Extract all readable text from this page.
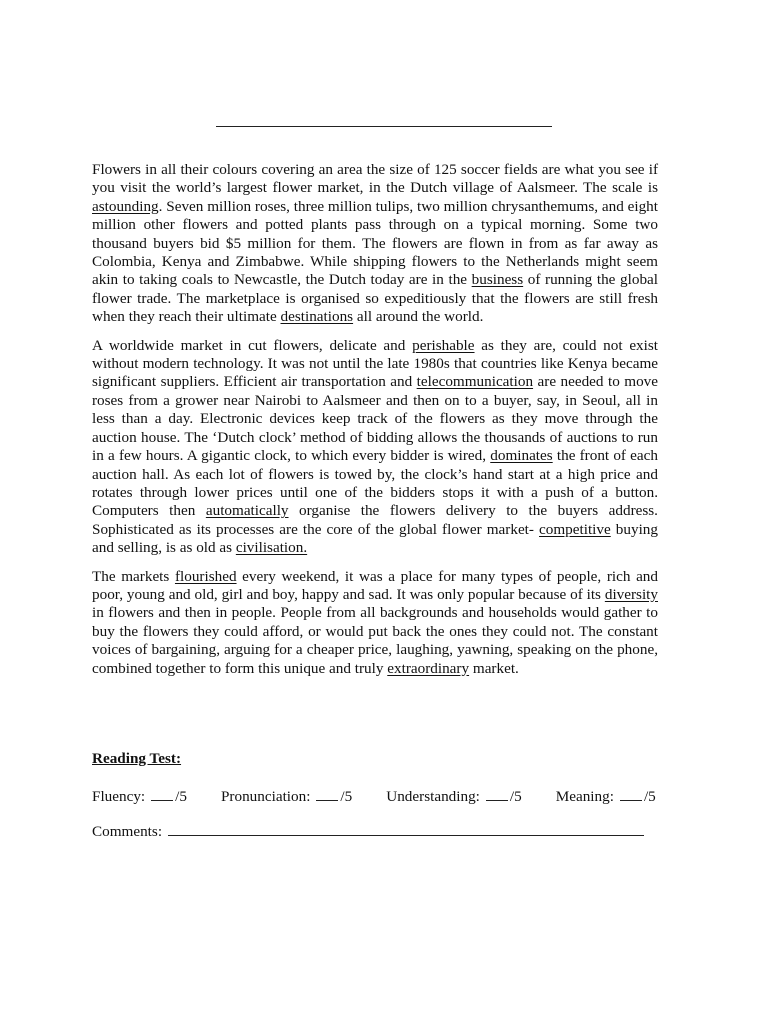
Flowers in all their colours covering an area the size of 125 soccer fields are what you see if you visit the world’s largest flower market, in the Dutch village of Aalsmeer. The scale is astounding. Seven million roses, three million tulips, two million chrysanthemums, and eight million other flowers and potted plants pass through on a typical morning. Some two thousand buyers bid $5 million for them. The flowers are flown in from as far away as Colombia, Kenya and Zimbabwe. While shipping flowers to the Netherlands might seem akin to taking coals to Newcastle, the Dutch today are in the business of running the global flower trade. The marketplace is organised so expeditiously that the flowers are still fresh when they reach their ultimate destinations all around the world.

A worldwide market in cut flowers, delicate and perishable as they are, could not exist without modern technology. It was not until the late 1980s that countries like Kenya became significant suppliers. Efficient air transportation and telecommunication are needed to move roses from a grower near Nairobi to Aalsmeer and then on to a buyer, say, in Seoul, all in less than a day. Electronic devices keep track of the flowers as they move through the auction house. The ‘Dutch clock’ method of bidding allows the thousands of auctions to run in a few hours. A gigantic clock, to which every bidder is wired, dominates the front of each auction hall. As each lot of flowers is towed by, the clock’s hand start at a high price and rotates through lower prices until one of the bidders stops it with a push of a button. Computers then automatically organise the flowers delivery to the buyers address. Sophisticated as its processes are the core of the global flower market- competitive buying and selling, is as old as civilisation.

The markets flourished every weekend, it was a place for many types of people, rich and poor, young and old, girl and boy, happy and sad. It was only popular because of its diversity in flowers and then in people. People from all backgrounds and households would gather to buy the flowers they could afford, or would put back the ones they could not. The constant voices of bargaining, arguing for a cheaper price, laughing, yawning, speaking on the phone, combined together to form this unique and truly extraordinary market.

Reading Test:
Fluency: /5 Pronunciation: /5 Understanding: /5 Meaning: /5
Comments:
